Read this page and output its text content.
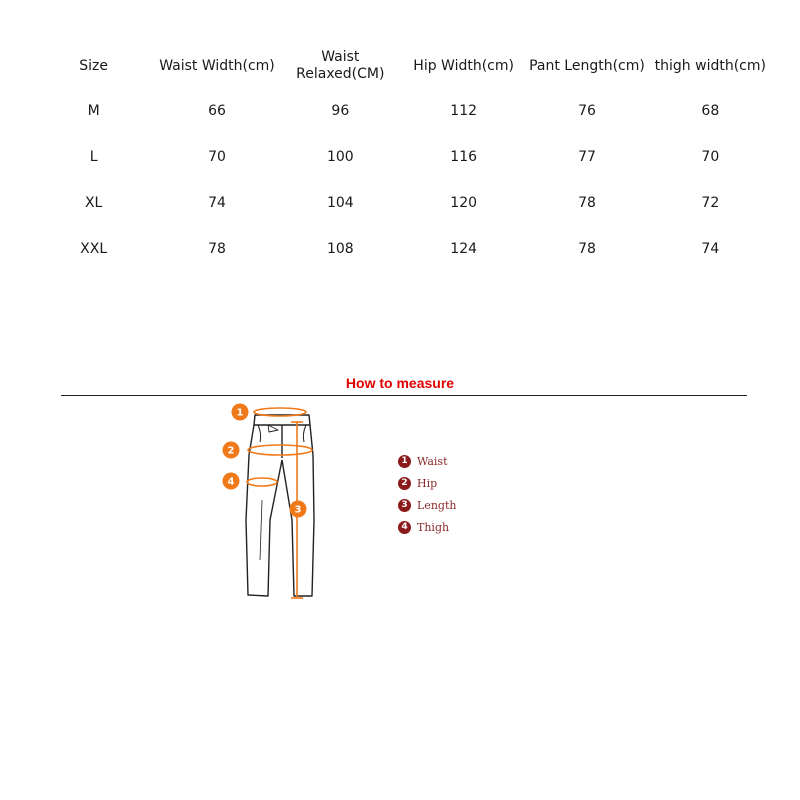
Size	Waist Width(cm)	Waist Relaxed(CM)	Hip Width(cm)	Pant Length(cm)	thigh width(cm)
M	66	96	112	76	68
L	70	100	116	77	70
XL	74	104	120	78	72
XXL	78	108	124	78	74
How to measure
1
2
4
3
1 Waist
2 Hip
3 Length
4 Thigh
